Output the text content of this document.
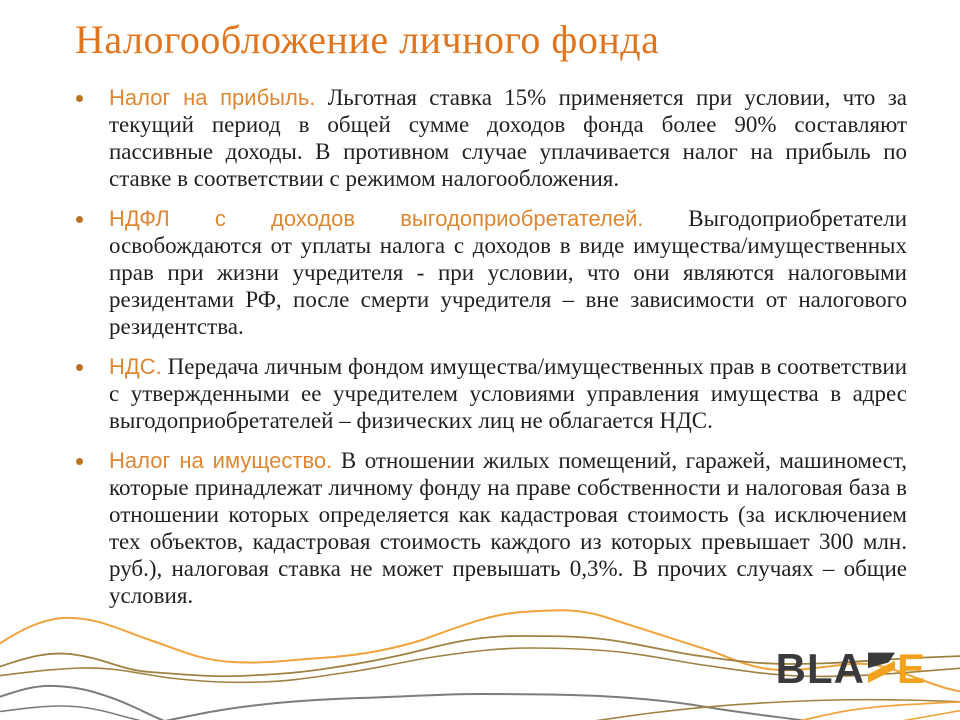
Налогообложение личного фонда
Налог на прибыль. Льготная ставка 15% применяется при условии, что за текущий период в общей сумме доходов фонда более 90% составляют пассивные доходы. В противном случае уплачивается налог на прибыль по ставке в соответствии с режимом налогообложения.
НДФЛ с доходов выгодоприобретателей. Выгодоприобретатели освобождаются от уплаты налога с доходов в виде имущества/имущественных прав при жизни учредителя - при условии, что они являются налоговыми резидентами РФ, после смерти учредителя – вне зависимости от налогового резидентства.
НДС. Передача личным фондом имущества/имущественных прав в соответствии с утвержденными ее учредителем условиями управления имущества в адрес выгодоприобретателей – физических лиц не облагается НДС.
Налог на имущество. В отношении жилых помещений, гаражей, машиномест, которые принадлежат личному фонду на праве собственности и налоговая база в отношении которых определяется как кадастровая стоимость (за исключением тех объектов, кадастровая стоимость каждого из которых превышает 300 млн. руб.), налоговая ставка не может превышать 0,3%. В прочих случаях – общие условия.
BLA E
